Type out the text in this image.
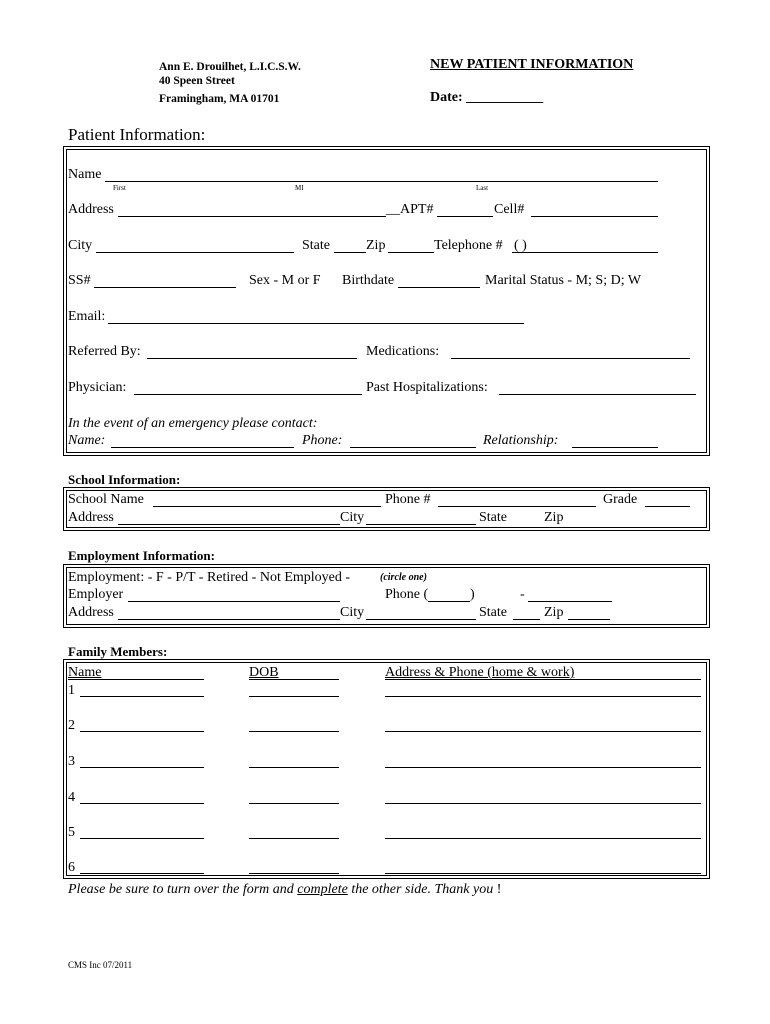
Ann E. Drouilhet, L.I.C.S.W.
40 Speen Street
Framingham, MA 01701
NEW PATIENT INFORMATION
Date: ___________
Patient Information:
Name
First	MI	Last
Address	__APT#	Cell#
City	State	Zip	Telephone # ( )
SS#	Sex - M or F Birthdate	Marital Status - M; S; D; W
Email:
Referred By:	Medications:
Physician:	Past Hospitalizations:
In the event of an emergency please contact:
Name:	Phone:	Relationship:
School Information:
School Name	Phone #	Grade
Address	City	State	Zip
Employment Information:
Employment: - F - P/T - Retired - Not Employed -	(circle one)
Employer	Phone (	)	-
Address	City	State	Zip
Family Members:
Name	DOB	Address & Phone (home & work)
1
2
3
4
5
6
Please be sure to turn over the form and complete the other side. Thank you !
CMS Inc 07/2011
